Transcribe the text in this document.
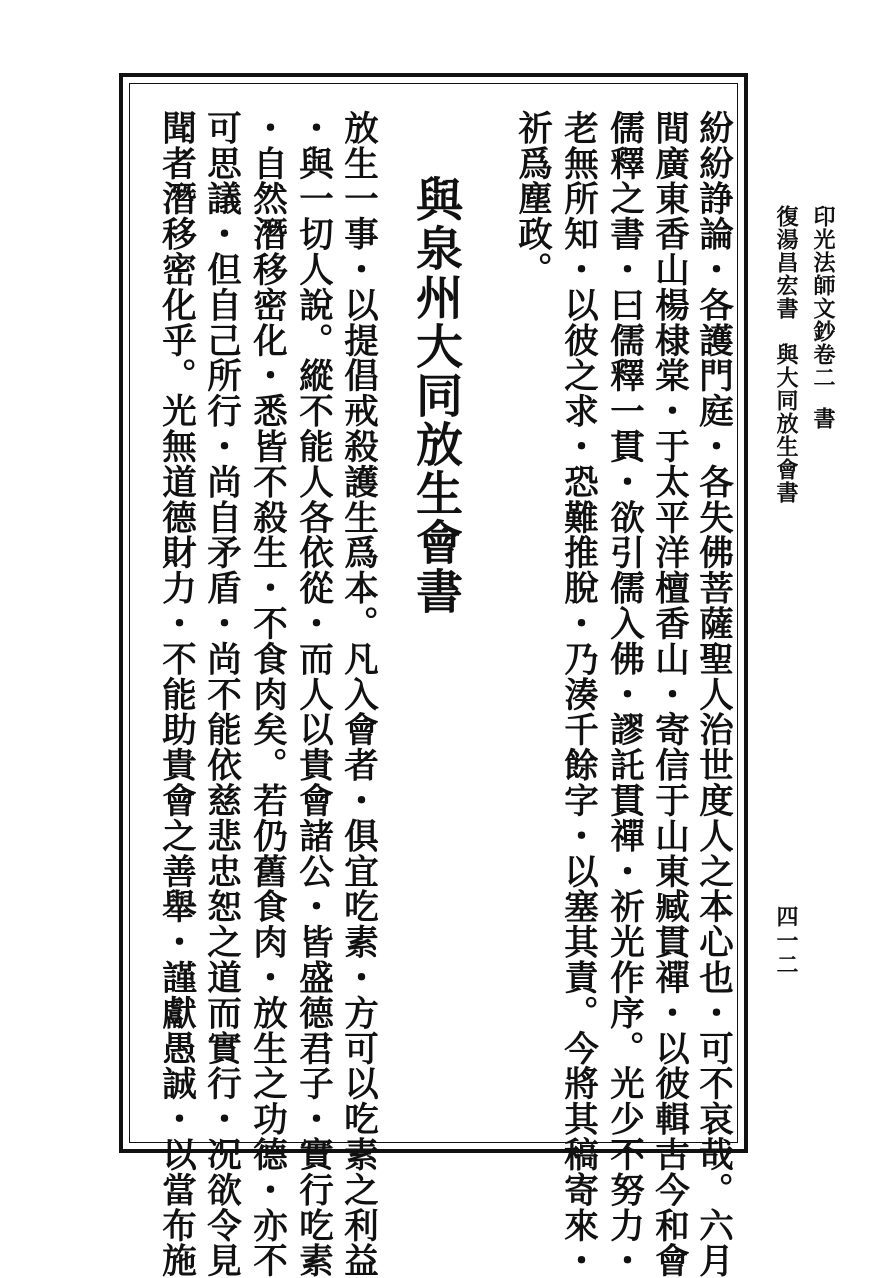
印光法師文鈔卷二書
復湯昌宏書　與大同放生會書
四一二
紛紛諍論・各護門庭・各失佛菩薩聖人治世度人之本心也・可不哀哉。六月
間廣東香山楊棣棠・于太平洋檀香山・寄信于山東臧貫禪・以彼輯古今和會
儒釋之書・曰儒釋一貫・欲引儒入佛・謬託貫禪・祈光作序。光少不努力・
老無所知・以彼之求・恐難推脫・乃湊千餘字・以塞其責。今將其稿寄來・
祈爲塵政。
與泉州大同放生會書
放生一事・以提倡戒殺護生爲本。凡入會者・俱宜吃素・方可以吃素之利益
・與一切人說。縱不能人各依從・而人以貴會諸公・皆盛德君子・實行吃素
・自然潛移密化・悉皆不殺生・不食肉矣。若仍舊食肉・放生之功德・亦不
可思議・但自己所行・尚自矛盾・尚不能依慈悲忠恕之道而實行・况欲令見
聞者潛移密化乎。光無道德財力・不能助貴會之善舉・謹獻愚誠・以當布施
